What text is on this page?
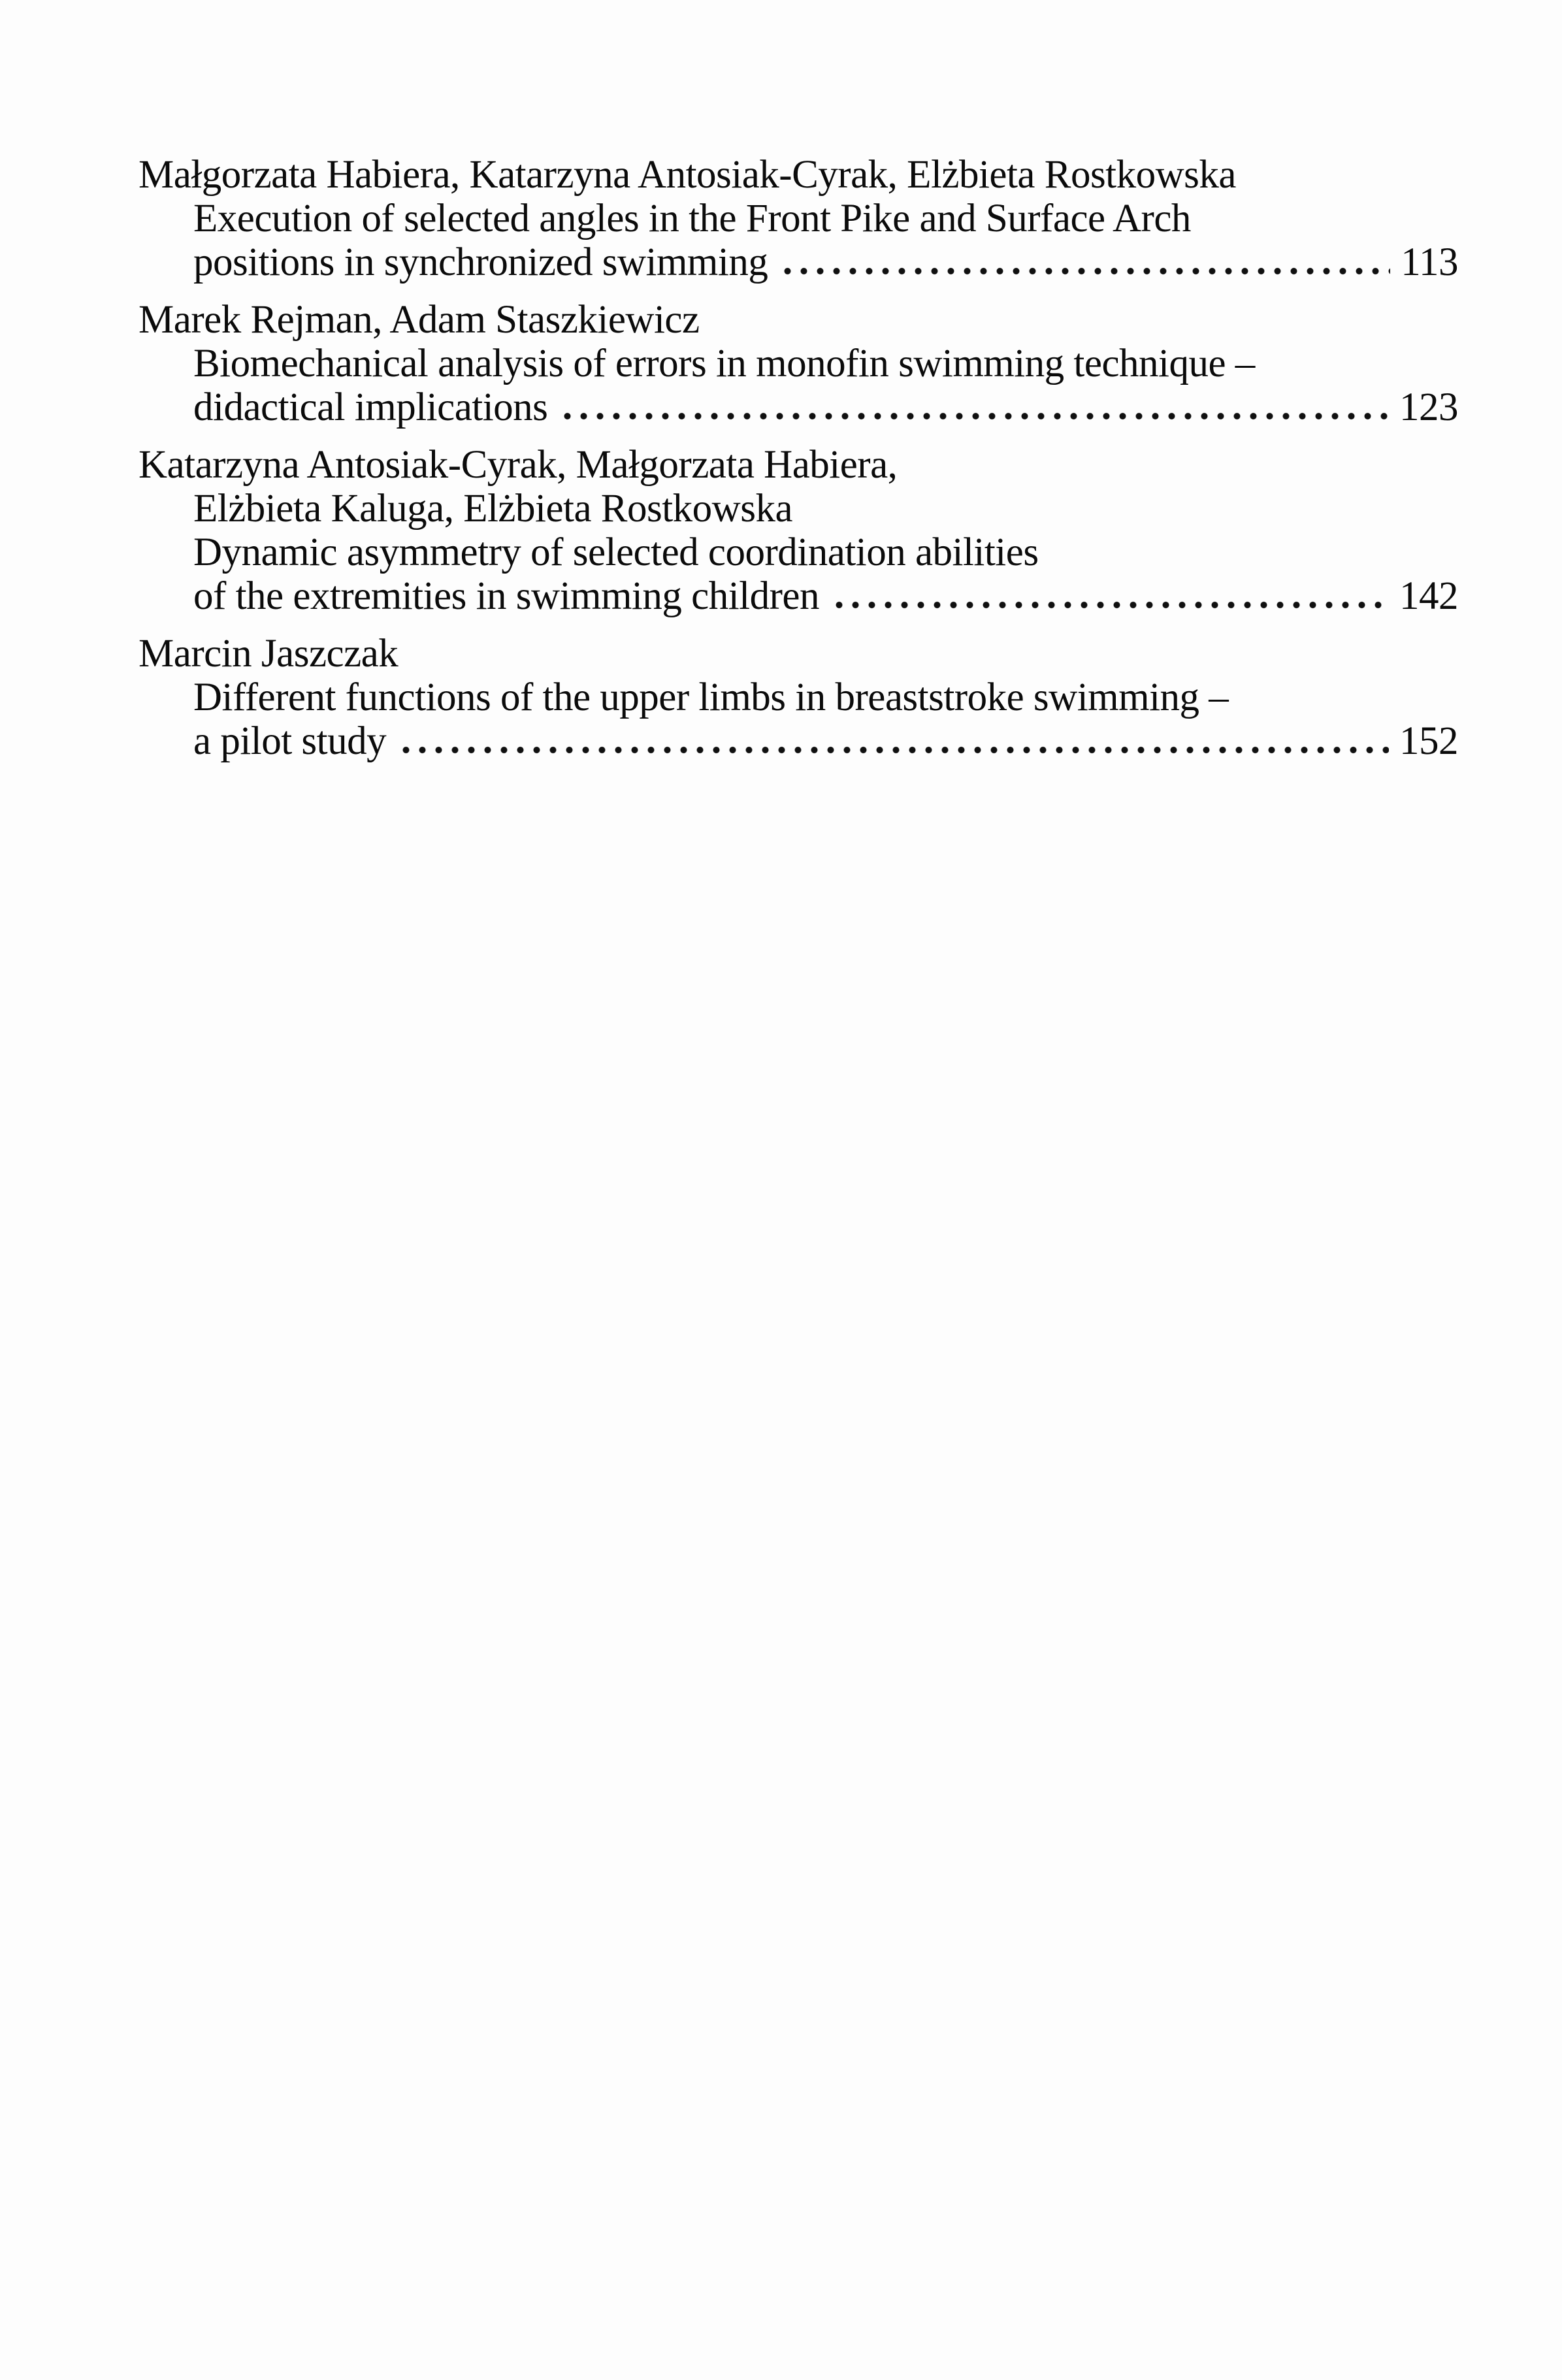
Małgorzata Habiera, Katarzyna Antosiak-Cyrak, Elżbieta Rostkowska
Execution of selected angles in the Front Pike and Surface Arch
positions in synchronized swimming	113
Marek Rejman, Adam Staszkiewicz
Biomechanical analysis of errors in monofin swimming technique –
didactical implications	123
Katarzyna Antosiak-Cyrak, Małgorzata Habiera,
Elżbieta Kaluga, Elżbieta Rostkowska
Dynamic asymmetry of selected coordination abilities
of the extremities in swimming children	142
Marcin Jaszczak
Different functions of the upper limbs in breaststroke swimming –
a pilot study	152
